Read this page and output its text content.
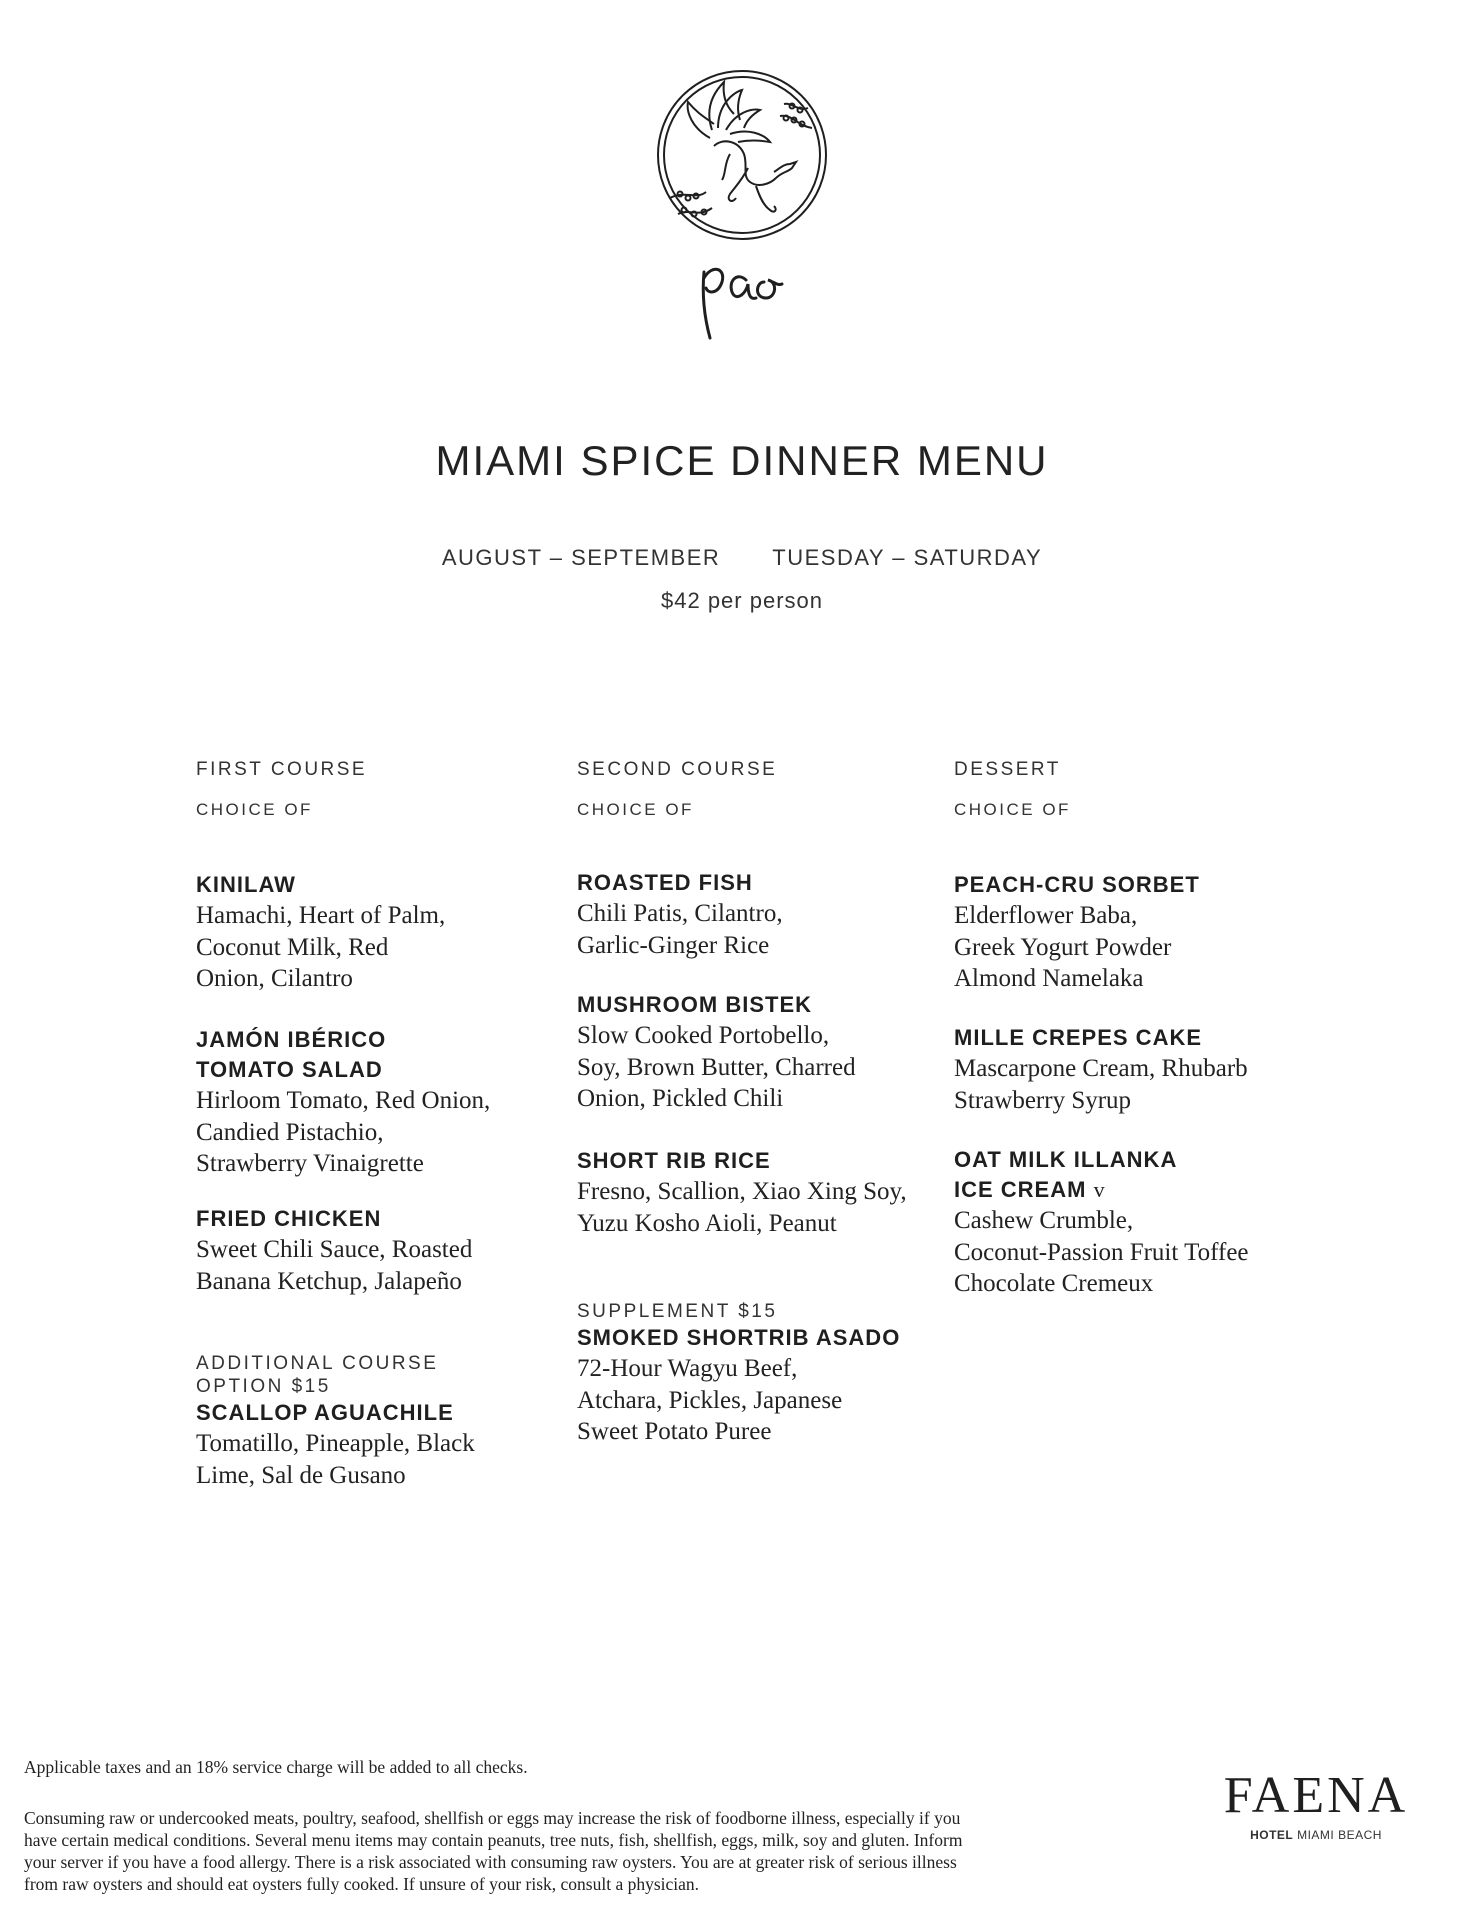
MIAMI SPICE DINNER MENU
AUGUST – SEPTEMBER TUESDAY – SATURDAY
$42 per person
FIRST COURSE
CHOICE OF
KINILAW
Hamachi, Heart of Palm,
Coconut Milk, Red
Onion, Cilantro
JAMÓN IBÉRICO
TOMATO SALAD
Hirloom Tomato, Red Onion,
Candied Pistachio,
Strawberry Vinaigrette
FRIED CHICKEN
Sweet Chili Sauce, Roasted
Banana Ketchup, Jalapeño
ADDITIONAL COURSE
OPTION $15
SCALLOP AGUACHILE
Tomatillo, Pineapple, Black
Lime, Sal de Gusano
SECOND COURSE
CHOICE OF
ROASTED FISH
Chili Patis, Cilantro,
Garlic-Ginger Rice
MUSHROOM BISTEK
Slow Cooked Portobello,
Soy, Brown Butter, Charred
Onion, Pickled Chili
SHORT RIB RICE
Fresno, Scallion, Xiao Xing Soy,
Yuzu Kosho Aioli, Peanut
SUPPLEMENT $15
SMOKED SHORTRIB ASADO
72-Hour Wagyu Beef,
Atchara, Pickles, Japanese
Sweet Potato Puree
DESSERT
CHOICE OF
PEACH-CRU SORBET
Elderflower Baba,
Greek Yogurt Powder
Almond Namelaka
MILLE CREPES CAKE
Mascarpone Cream, Rhubarb
Strawberry Syrup
OAT MILK ILLANKA
ICE CREAM v
Cashew Crumble,
Coconut-Passion Fruit Toffee
Chocolate Cremeux
Applicable taxes and an 18% service charge will be added to all checks.
Consuming raw or undercooked meats, poultry, seafood, shellfish or eggs may increase the risk of foodborne illness, especially if you
have certain medical conditions. Several menu items may contain peanuts, tree nuts, fish, shellfish, eggs, milk, soy and gluten. Inform
your server if you have a food allergy. There is a risk associated with consuming raw oysters. You are at greater risk of serious illness
from raw oysters and should eat oysters fully cooked. If unsure of your risk, consult a physician.
FAENA
HOTEL MIAMI BEACH
